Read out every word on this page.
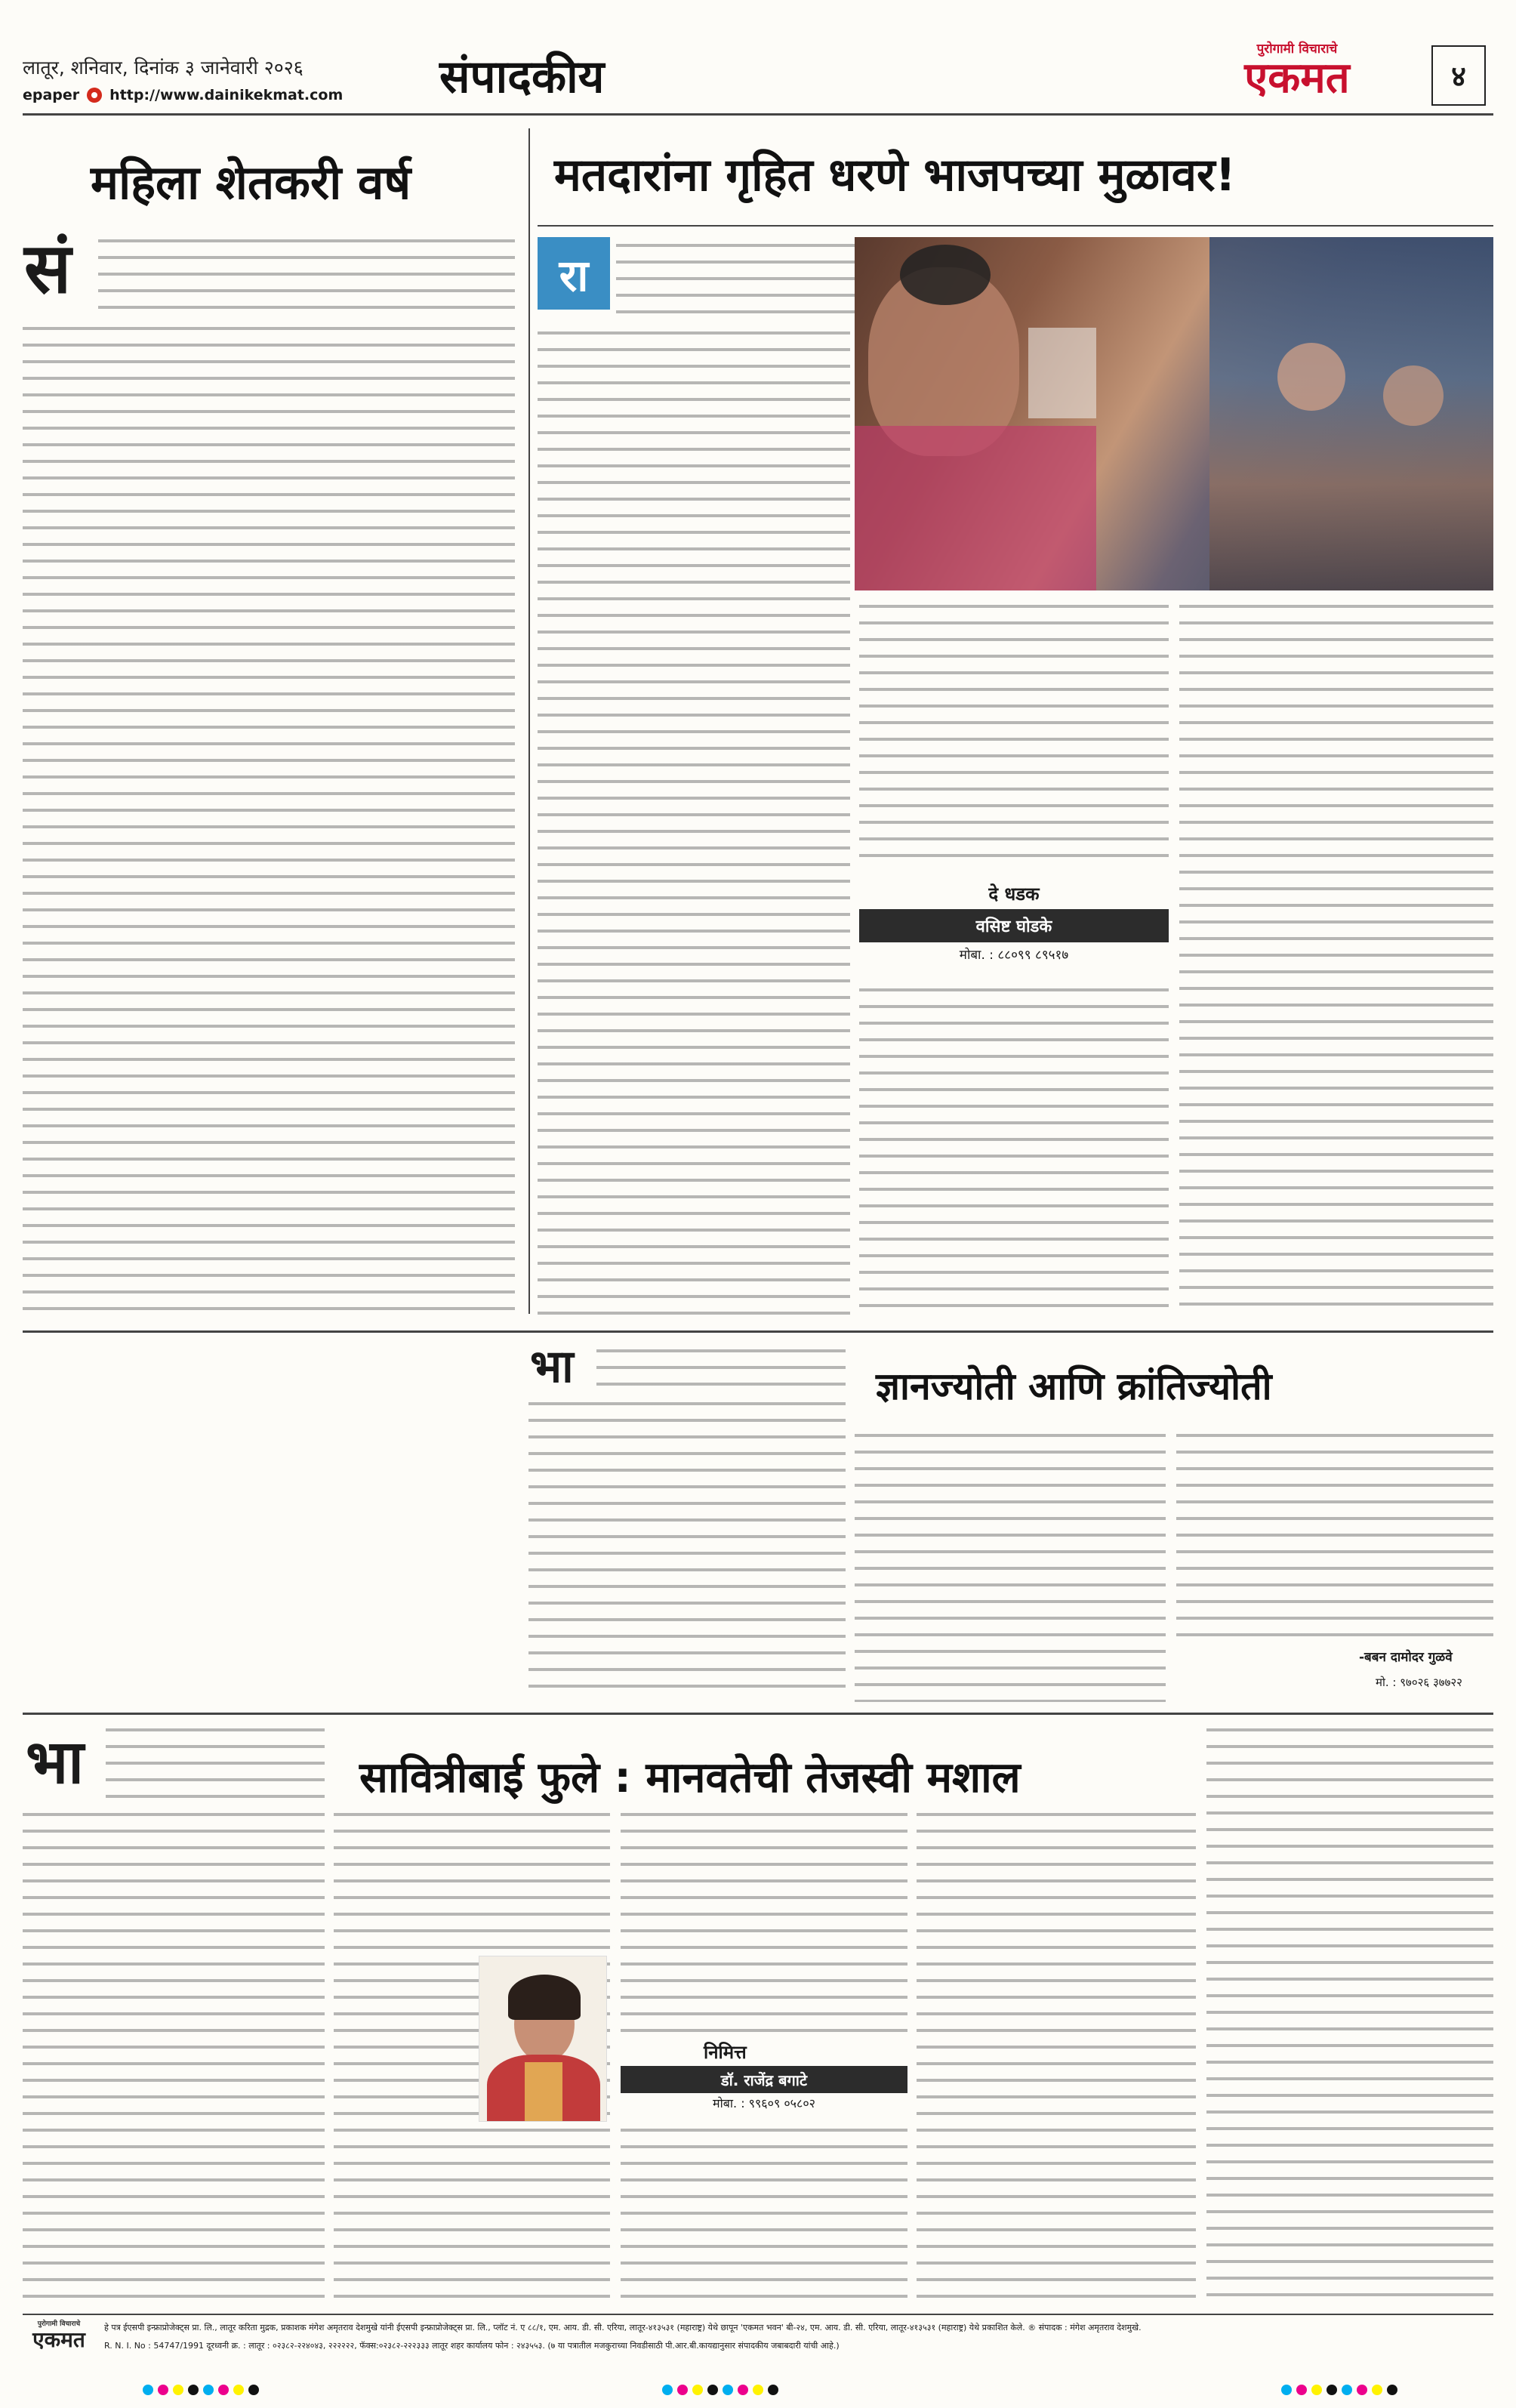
लातूर, शनिवार, दिनांक ३ जानेवारी २०२६
epaper http://www.dainikekmat.com संपादकीय
पुरोगामी विचाराचे
एकमत	४
महिला शेतकरी वर्ष
सं
मतदारांना गृहित धरणे भाजपच्या मुळावर!
रा
दे धडक
वसिष्ट घोडके
मोबा. : ८८०९९ ८९५१७
भा	ज्ञानज्योती आणि क्रांतिज्योती
-बबन दामोदर गुळवे
मो. : ९७०२६ ३७७२२
भा	सावित्रीबाई फुले : मानवतेची तेजस्वी मशाल
निमित्त
डॉ. राजेंद्र बगाटे
मोबा. : ९९६०९ ०५८०२
पुरोगामी विचाराचे
एकमत	हे पत्र ईएसपी इन्फ्राप्रोजेक्ट्स प्रा. लि., लातूर करिता मुद्रक, प्रकाशक मंगेश अमृतराव देशमुखे यांनी ईएसपी इन्फ्राप्रोजेक्ट्स प्रा. लि., प्लॉट नं. ए ८८/१, एम. आय. डी. सी. एरिया, लातूर-४१३५३१ (महाराष्ट्र) येथे छापून 'एकमत भवन' बी-२४, एम. आय. डी. सी. एरिया, लातूर-४१३५३१ (महाराष्ट्र) येथे प्रकाशित केले. ® संपादक : मंगेश अमृतराव देशमुखे.
R. N. I. No : 54747/1991 दूरध्वनी क्र. : लातूर : ०२३८२-२२४०४३, २२२२२२, फॅक्स:०२३८२-२२२३३३ लातूर शहर कार्यालय फोन : २४३५५३. (७ या पत्रातील मजकुराच्या निवडीसाठी पी.आर.बी.कायद्यानुसार संपादकीय जबाबदारी यांची आहे.)
